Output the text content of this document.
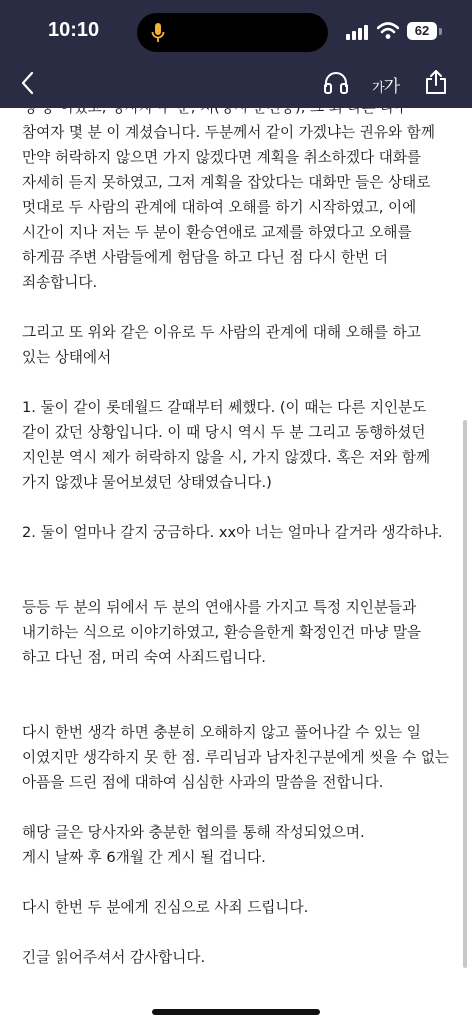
10:10	62
가가
참여자 몇 분 이 계셨습니다. 두분께서 같이 가겠냐는 권유와 함께 만약 허락하지 않으면 가지 않겠다면 계획을 취소하겠다 대화를 자세히 듣지 못하였고, 그저 계획을 잡았다는 대화만 들은 상태로 멋대로 두 사람의 관계에 대하여 오해를 하기 시작하였고, 이에 시간이 지나 저는 두 분이 환승연애로 교제를 하였다고 오해를 하게끔 주변 사람들에게 험담을 하고 다닌 점 다시 한번 더 죄송합니다.

그리고 또 위와 같은 이유로 두 사람의 관계에 대해 오해를 하고 있는 상태에서

1. 둘이 같이 롯데월드 갈때부터 쎄했다. (이 때는 다른 지인분도 같이 갔던 상황입니다. 이 때 당시 역시 두 분 그리고 동행하셨던 지인분 역시 제가 허락하지 않을 시, 가지 않겠다. 혹은 저와 함께 가지 않겠냐 물어보셨던 상태였습니다.)

2. 둘이 얼마나 갈지 궁금하다. xx아 너는 얼마나 갈거라 생각하냐.

등등 두 분의 뒤에서 두 분의 연애사를 가지고 특정 지인분들과 내기하는 식으로 이야기하였고, 환승을한게 확정인건 마냥 말을 하고 다닌 점, 머리 숙여 사죄드립니다.

다시 한번 생각 하면 충분히 오해하지 않고 풀어나갈 수 있는 일 이였지만 생각하지 못 한 점. 루리님과 남자친구분에게 씻을 수 없는 아픔을 드린 점에 대하여 심심한 사과의 말씀을 전합니다.

해당 글은 당사자와 충분한 협의를 통해 작성되었으며.
게시 날짜 후 6개월 간 게시 될 겁니다.

다시 한번 두 분에게 진심으로 사죄 드립니다.

긴글 읽어주셔서 감사합니다.
